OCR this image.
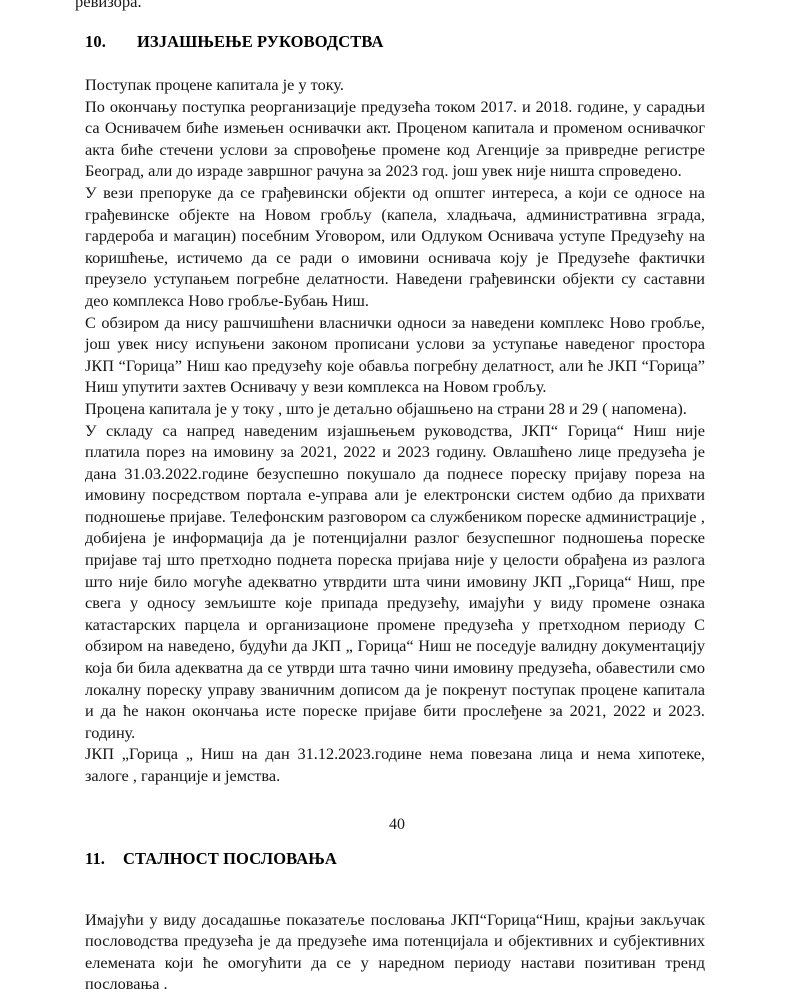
ревизора.
10.	ИЗЈАШЊЕЊЕ РУКОВОДСТВА

Поступак процене капитала је у току.

По окончању поступка реорганизације предузећа током 2017. и 2018. године, у сарадњи са Оснивачем биће измењен оснивачки акт. Проценом капитала и променом оснивачког акта биће стечени услови за спровођење промене код Агенције за привредне регистре Београд, али до израде завршног рачуна за 2023 год. још увек није ништа спроведено.

У вези препоруке да се грађевински објекти од општег интереса, а који се односе на грађевинске објекте на Новом гробљу (капела, хладњача, административна зграда, гардероба и магацин) посебним Уговором, или Одлуком Оснивача уступе Предузећу на коришћење, истичемо да се ради о имовини оснивача коју је Предузеће фактички преузело уступањем погребне делатности. Наведени грађевински објекти су саставни део комплекса Ново гробље-Бубањ Ниш.

С обзиром да нису рашчишћени власнички односи за наведени комплекс Ново гробље, још увек нису испуњени законом прописани услови за уступање наведеног простора ЈКП “Горица” Ниш као предузећу које обавља погребну делатност, али ће ЈКП “Горица” Ниш упутити захтев Оснивачу у вези комплекса на Новом гробљу.

Процена капитала је у току , што је детаљно објашњено на страни 28 и 29 ( напомена).

У складу са напред наведеним изјашњењем руководства, ЈКП“ Горица“ Ниш није платила порез на имовину за 2021, 2022 и 2023 годину. Овлашћено лице предузећа је дана 31.03.2022.године безуспешно покушало да поднесе пореску пријаву пореза на имовину посредством портала е-управа али је електронски систем одбио да прихвати подношење пријаве. Телефонским разговором са службеником пореске администрације , добијена је информација да је потенцијални разлог безуспешног подношења пореске пријаве тај што претходно поднета пореска пријава није у целости обрађена из разлога што није било могуће адекватно утврдити шта чини имовину ЈКП „Горица“ Ниш, пре свега у односу земљиште које припада предузећу, имајући у виду промене ознака катастарских парцела и организационе промене предузећа у претходном периоду С обзиром на наведено, будући да ЈКП „ Горица“ Ниш не поседује валидну документацију која би била адекватна да се утврди шта тачно чини имовину предузећа, обавестили смо локалну пореску управу званичним дописом да је покренут поступак процене капитала и да ће након окончања исте пореске пријаве бити прослеђене за 2021, 2022 и 2023. годину.

ЈКП „Горица „ Ниш на дан 31.12.2023.године нема повезана лица и нема хипотеке, залоге , гаранције и јемства.

11.	СТАЛНОСТ ПОСЛОВАЊА

Имајући у виду досадашње показатеље пословања ЈКП“Горица“Ниш, крајњи закључак пословодства предузећа је да предузеће има потенцијала и објективних и субјективних елемената који ће омогућити да се у наредном периоду настави позитиван тренд пословања .

40
